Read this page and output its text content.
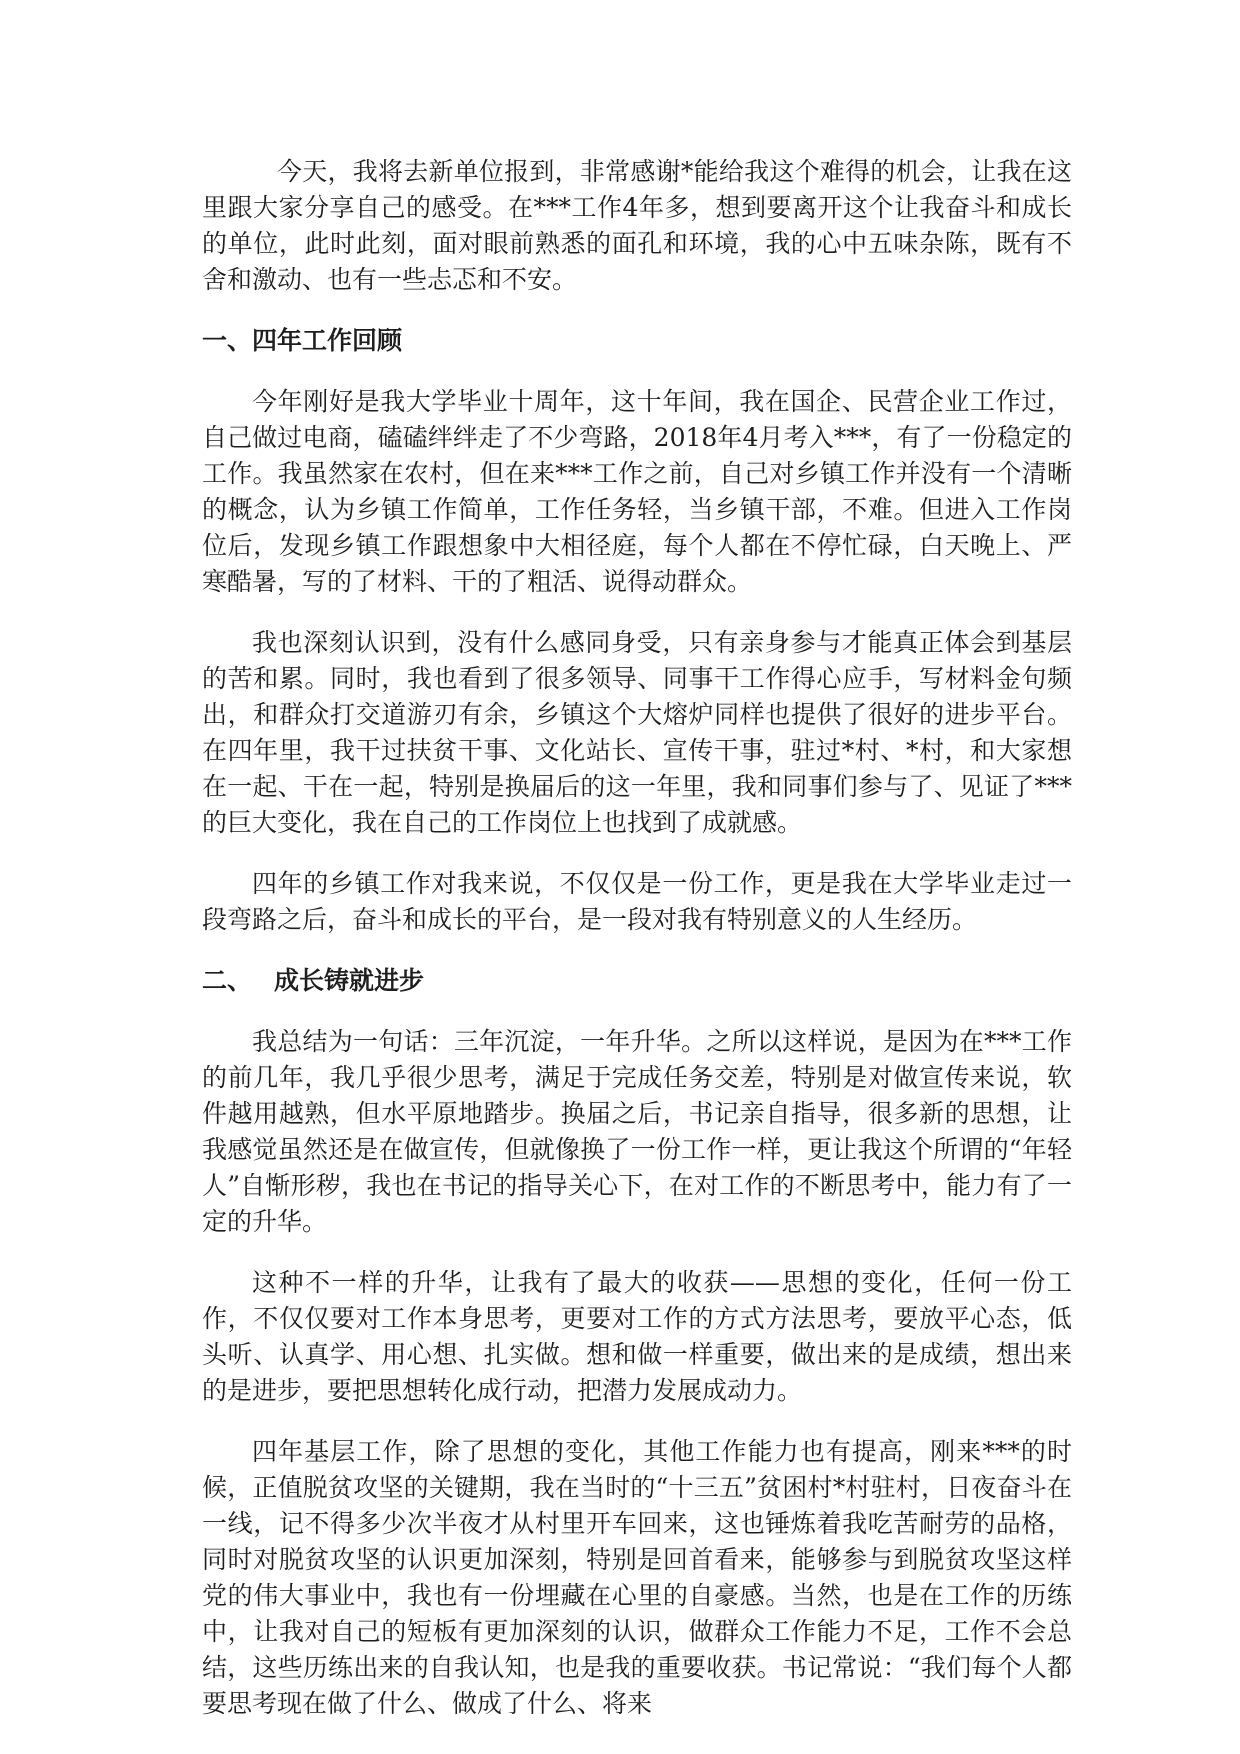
今天，我将去新单位报到，非常感谢*能给我这个难得的机会，让我在这里跟大家分享自己的感受。在***工作4年多，想到要离开这个让我奋斗和成长的单位，此时此刻，面对眼前熟悉的面孔和环境，我的心中五味杂陈，既有不舍和激动、也有一些忐忑和不安。

一、四年工作回顾

今年刚好是我大学毕业十周年，这十年间，我在国企、民营企业工作过，自己做过电商，磕磕绊绊走了不少弯路，2018年4月考入***，有了一份稳定的工作。我虽然家在农村，但在来***工作之前，自己对乡镇工作并没有一个清晰的概念，认为乡镇工作简单，工作任务轻，当乡镇干部，不难。但进入工作岗位后，发现乡镇工作跟想象中大相径庭，每个人都在不停忙碌，白天晚上、严寒酷暑，写的了材料、干的了粗活、说得动群众。

我也深刻认识到，没有什么感同身受，只有亲身参与才能真正体会到基层的苦和累。同时，我也看到了很多领导、同事干工作得心应手，写材料金句频出，和群众打交道游刃有余，乡镇这个大熔炉同样也提供了很好的进步平台。在四年里，我干过扶贫干事、文化站长、宣传干事，驻过*村、*村，和大家想在一起、干在一起，特别是换届后的这一年里，我和同事们参与了、见证了***的巨大变化，我在自己的工作岗位上也找到了成就感。

四年的乡镇工作对我来说，不仅仅是一份工作，更是我在大学毕业走过一段弯路之后，奋斗和成长的平台，是一段对我有特别意义的人生经历。

二、 成长铸就进步

我总结为一句话：三年沉淀，一年升华。之所以这样说，是因为在***工作的前几年，我几乎很少思考，满足于完成任务交差，特别是对做宣传来说，软件越用越熟，但水平原地踏步。换届之后，书记亲自指导，很多新的思想，让我感觉虽然还是在做宣传，但就像换了一份工作一样，更让我这个所谓的“年轻人”自惭形秽，我也在书记的指导关心下，在对工作的不断思考中，能力有了一定的升华。

这种不一样的升华，让我有了最大的收获——思想的变化，任何一份工作，不仅仅要对工作本身思考，更要对工作的方式方法思考，要放平心态，低头听、认真学、用心想、扎实做。想和做一样重要，做出来的是成绩，想出来的是进步，要把思想转化成行动，把潜力发展成动力。

四年基层工作，除了思想的变化，其他工作能力也有提高，刚来***的时候，正值脱贫攻坚的关键期，我在当时的“十三五”贫困村*村驻村，日夜奋斗在一线，记不得多少次半夜才从村里开车回来，这也锤炼着我吃苦耐劳的品格，同时对脱贫攻坚的认识更加深刻，特别是回首看来，能够参与到脱贫攻坚这样党的伟大事业中，我也有一份埋藏在心里的自豪感。当然，也是在工作的历练中，让我对自己的短板有更加深刻的认识，做群众工作能力不足，工作不会总结，这些历练出来的自我认知，也是我的重要收获。书记常说：“我们每个人都要思考现在做了什么、做成了什么、将来
